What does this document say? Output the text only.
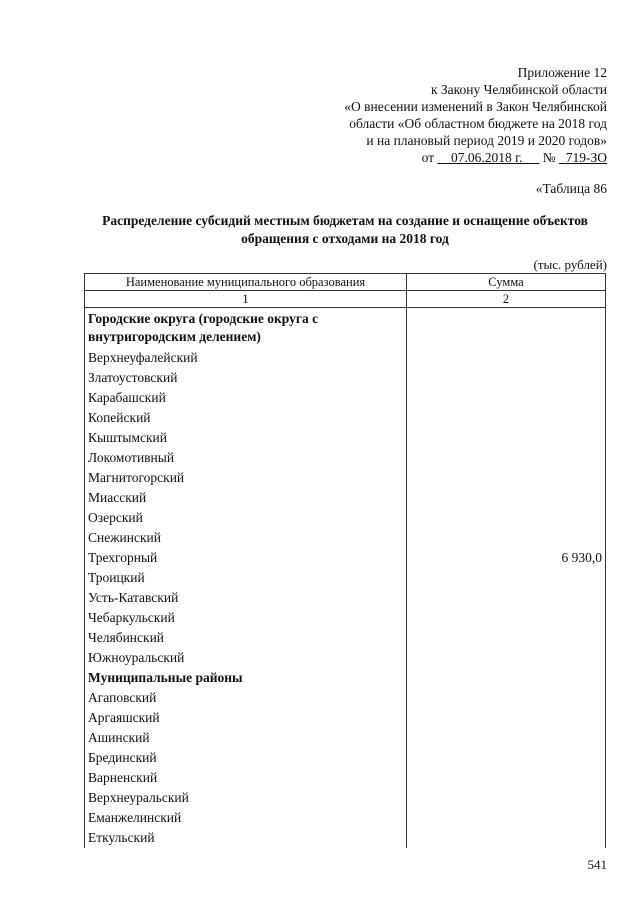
Приложение 12
к Закону Челябинской области
«О внесении изменений в Закон Челябинской
области «Об областном бюджете на 2018 год
и на плановый период 2019 и 2020 годов»
от 07.06.2018 г. № 719-ЗО
«Таблица 86
Распределение субсидий местным бюджетам на создание и оснащение объектов обращения с отходами на 2018 год
(тыс. рублей)
Наименование муниципального образования	Сумма
1	2
Городские округа (городские округа с внутригородским делением)
Верхнеуфалейский
Златоустовский
Карабашский
Копейский
Кыштымский
Локомотивный
Магнитогорский
Миасский
Озерский
Снежинский
Трехгорный	6 930,0
Троицкий
Усть-Катавский
Чебаркульский
Челябинский
Южноуральский
Муниципальные районы
Агаповский
Аргаяшский
Ашинский
Брединский
Варненский
Верхнеуральский
Еманжелинский
Еткульский
541
